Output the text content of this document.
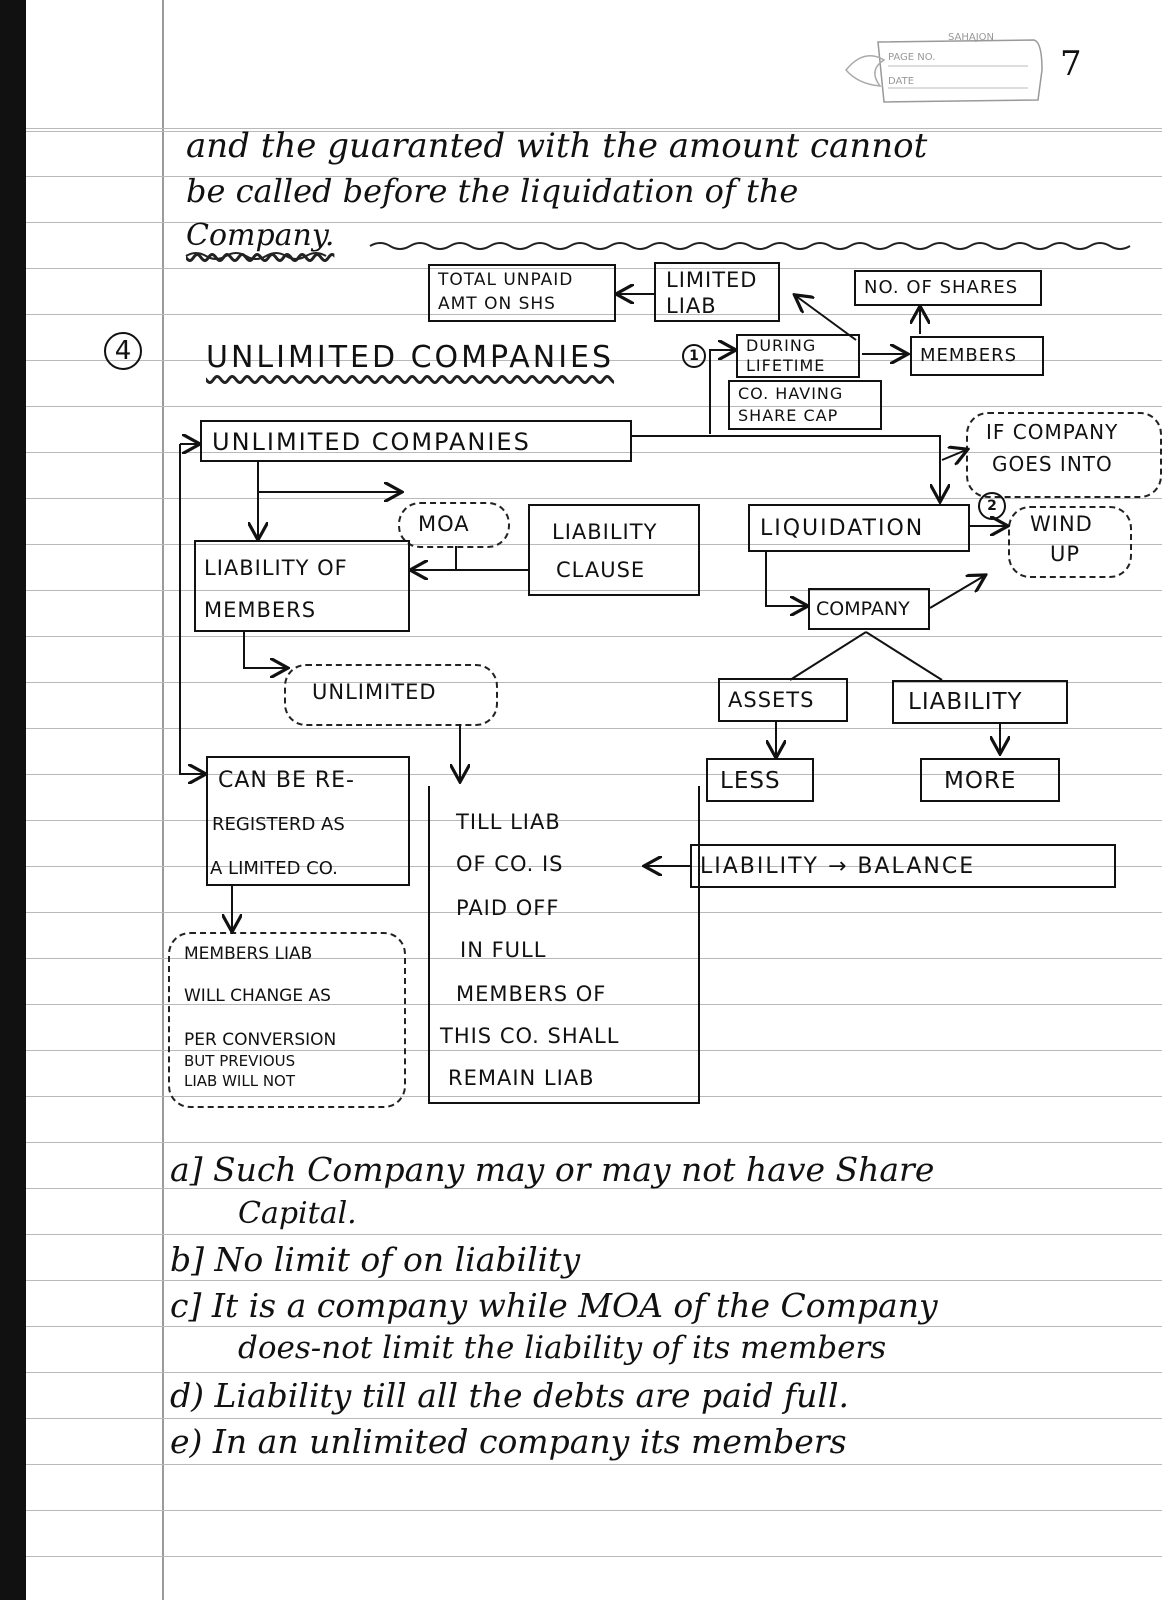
SAHAJON
PAGE NO.
DATE	7
and the guaranted with the amount cannot
be called before the liquidation of the
Company.
TOTAL UNPAID
AMT ON SHS
LIMITED
LIAB
NO. OF SHARES
4	UNLIMITED COMPANIES	1
DURING
LIFETIME	MEMBERS
CO. HAVING
SHARE CAP
UNLIMITED COMPANIES	IF COMPANY
GOES INTO
MOA	LIABILITY
CLAUSE
LIQUIDATION
2
WIND
UP
LIABILITY OF
MEMBERS	COMPANY
UNLIMITED	ASSETS	LIABILITY
LESS	MORE
CAN BE RE-
REGISTERD AS
A LIMITED CO.
TILL LIAB
OF CO. IS
PAID OFF
IN FULL
MEMBERS OF
THIS CO. SHALL
REMAIN LIAB
LIABILITY → BALANCE
MEMBERS LIAB
WILL CHANGE AS
PER CONVERSION
BUT PREVIOUS
LIAB WILL NOT
a] Such Company may or may not have Share
Capital.
b] No limit of on liability
c] It is a company while MOA of the Company
does-not limit the liability of its members
d) Liability till all the debts are paid full.
e) In an unlimited company its members
